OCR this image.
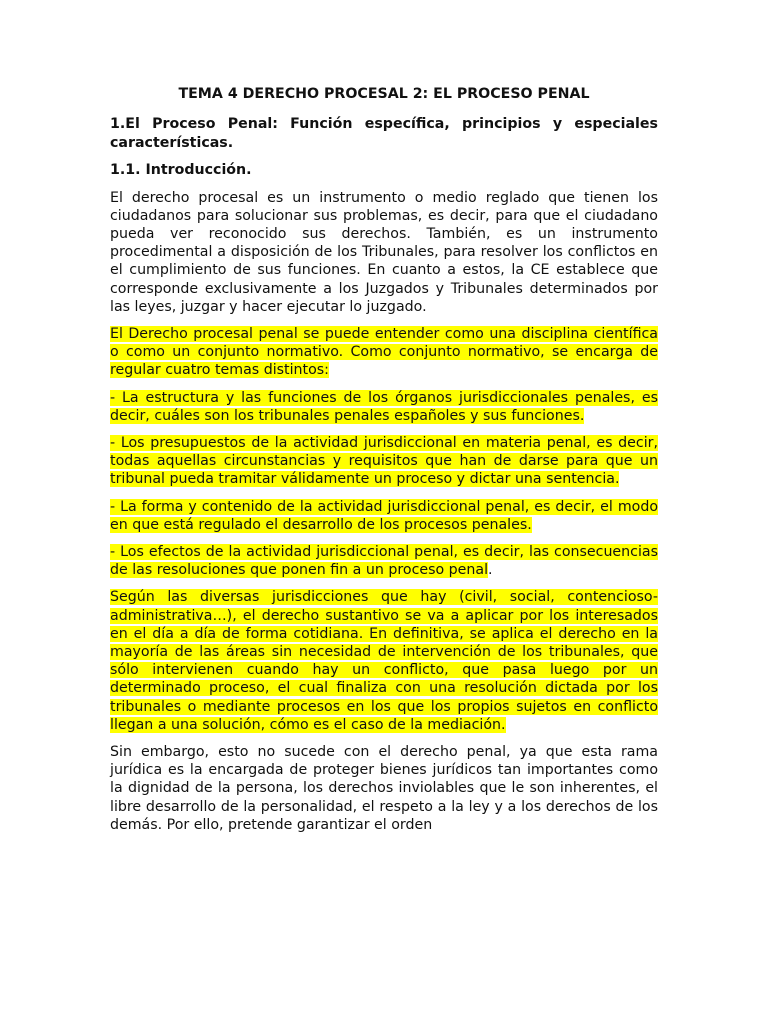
TEMA 4 DERECHO PROCESAL 2: EL PROCESO PENAL
1.El Proceso Penal: Función específica, principios y especiales características.
1.1. Introducción.

El derecho procesal es un instrumento o medio reglado que tienen los ciudadanos para solucionar sus problemas, es decir, para que el ciudadano pueda ver reconocido sus derechos. También, es un instrumento procedimental a disposición de los Tribunales, para resolver los conflictos en el cumplimiento de sus funciones. En cuanto a estos, la CE establece que corresponde exclusivamente a los Juzgados y Tribunales determinados por las leyes, juzgar y hacer ejecutar lo juzgado.

El Derecho procesal penal se puede entender como una disciplina científica o como un conjunto normativo. Como conjunto normativo, se encarga de regular cuatro temas distintos:

- La estructura y las funciones de los órganos jurisdiccionales penales, es decir, cuáles son los tribunales penales españoles y sus funciones.

- Los presupuestos de la actividad jurisdiccional en materia penal, es decir, todas aquellas circunstancias y requisitos que han de darse para que un tribunal pueda tramitar válidamente un proceso y dictar una sentencia.

- La forma y contenido de la actividad jurisdiccional penal, es decir, el modo en que está regulado el desarrollo de los procesos penales.

- Los efectos de la actividad jurisdiccional penal, es decir, las consecuencias de las resoluciones que ponen fin a un proceso penal.

Según las diversas jurisdicciones que hay (civil, social, contencioso-administrativa…), el derecho sustantivo se va a aplicar por los interesados en el día a día de forma cotidiana. En definitiva, se aplica el derecho en la mayoría de las áreas sin necesidad de intervención de los tribunales, que sólo intervienen cuando hay un conflicto, que pasa luego por un determinado proceso, el cual finaliza con una resolución dictada por los tribunales o mediante procesos en los que los propios sujetos en conflicto llegan a una solución, cómo es el caso de la mediación.

Sin embargo, esto no sucede con el derecho penal, ya que esta rama jurídica es la encargada de proteger bienes jurídicos tan importantes como la dignidad de la persona, los derechos inviolables que le son inherentes, el libre desarrollo de la personalidad, el respeto a la ley y a los derechos de los demás. Por ello, pretende garantizar el orden
